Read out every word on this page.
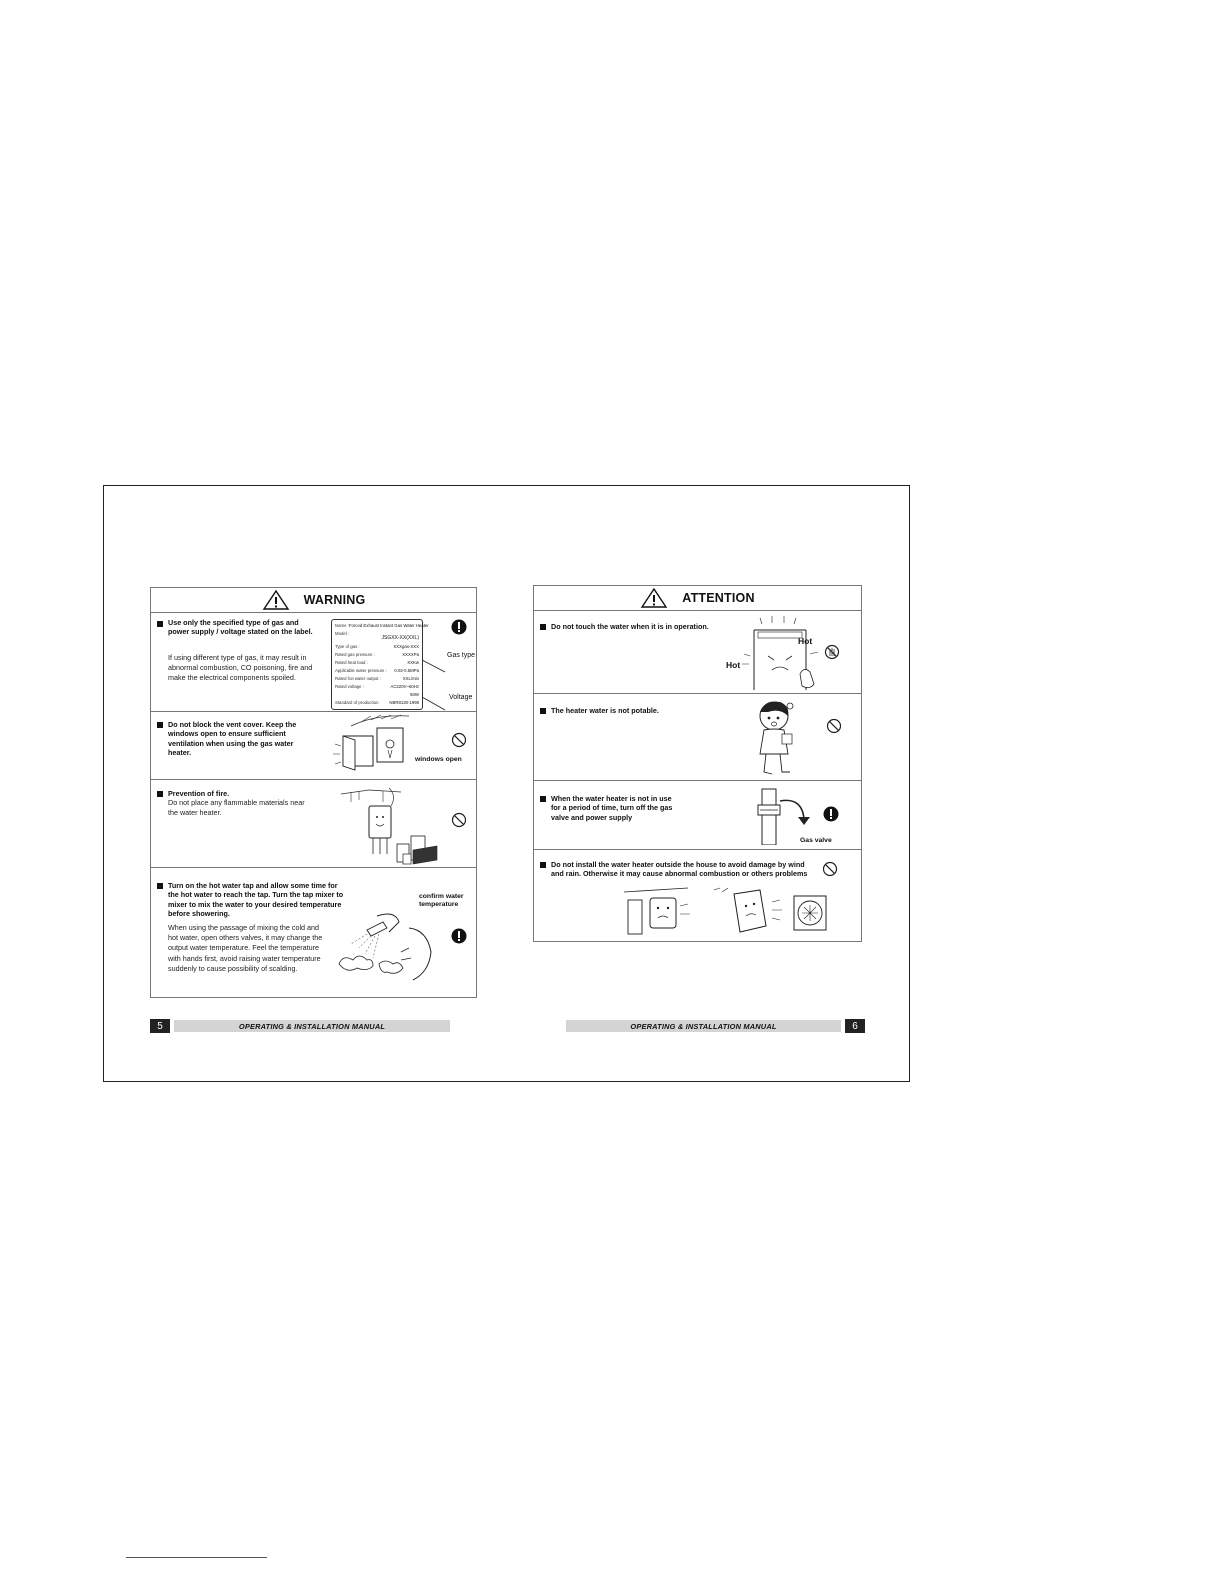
WARNING
Use only the specified type of gas and power supply / voltage stated on the label.
If using different type of gas, it may result in abnormal combustion, CO poisoning, fire and make the electrical components spoiled.
Name : Forced Exhaust Instant Gas Water Heater
Model :
JSGXX-XX(XXL)
Type of gas :	XXXgas-XXX
Rated gas pressure :	XXXXPa
Rated heat load :	XXKw
Applicable water pressure : 0.02-0.5MPa
Rated hot water output :	XXL/min
Rated voltage :	AC220V~60Hz
50W
Standard of production	NBR8130-1998
Gas type
Voltage
Do not block the vent cover. Keep the windows open to ensure sufficient ventilation when using the gas water heater.
windows open
Prevention of fire.
Do not place any flammable materials near the water heater.
Turn on the hot water tap and allow some time for the hot water to reach the tap. Turn the tap mixer to mixer to mix the water to your desired temperature before showering.
When using the passage of mixing the cold and hot water, open others valves, it may change the output water temperature. Feel the temperature with hands first, avoid raising water temperature suddenly to cause possibility of scalding.
confirm water temperature
ATTENTION
Do not touch the water when it is in operation.
Hot
Hot
The heater water is not potable.
When the water heater is not in use for a period of time, turn off the gas valve and power supply
Gas valve
Do not install the water heater outside the house to avoid damage by wind and rain. Otherwise it may cause abnormal combustion or others problems
5	OPERATING & INSTALLATION MANUAL	OPERATING & INSTALLATION MANUAL	6
